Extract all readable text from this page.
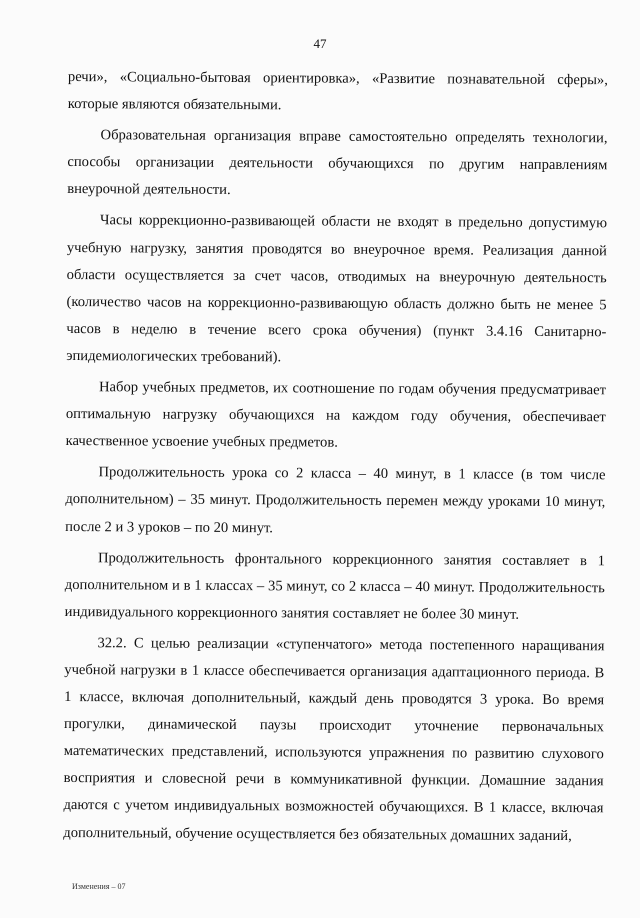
47

речи», «Социально-бытовая ориентировка», «Развитие познавательной сферы», которые являются обязательными.

Образовательная организация вправе самостоятельно определять технологии, способы организации деятельности обучающихся по другим направлениям внеурочной деятельности.

Часы коррекционно-развивающей области не входят в предельно допустимую учебную нагрузку, занятия проводятся во внеурочное время. Реализация данной области осуществляется за счет часов, отводимых на внеурочную деятельность (количество часов на коррекционно-развивающую область должно быть не менее 5 часов в неделю в течение всего срока обучения) (пункт 3.4.16 Санитарно-эпидемиологических требований).

Набор учебных предметов, их соотношение по годам обучения предусматривает оптимальную нагрузку обучающихся на каждом году обучения, обеспечивает качественное усвоение учебных предметов.

Продолжительность урока со 2 класса – 40 минут, в 1 классе (в том числе дополнительном) – 35 минут. Продолжительность перемен между уроками 10 минут, после 2 и 3 уроков – по 20 минут.

Продолжительность фронтального коррекционного занятия составляет в 1 дополнительном и в 1 классах – 35 минут, со 2 класса – 40 минут. Продолжительность индивидуального коррекционного занятия составляет не более 30 минут.

32.2. С целью реализации «ступенчатого» метода постепенного наращивания учебной нагрузки в 1 классе обеспечивается организация адаптационного периода. В 1 классе, включая дополнительный, каждый день проводятся 3 урока. Во время прогулки, динамической паузы происходит уточнение первоначальных математических представлений, используются упражнения по развитию слухового восприятия и словесной речи в коммуникативной функции. Домашние задания даются с учетом индивидуальных возможностей обучающихся. В 1 классе, включая дополнительный, обучение осуществляется без обязательных домашних заданий,

Изменения – 07
